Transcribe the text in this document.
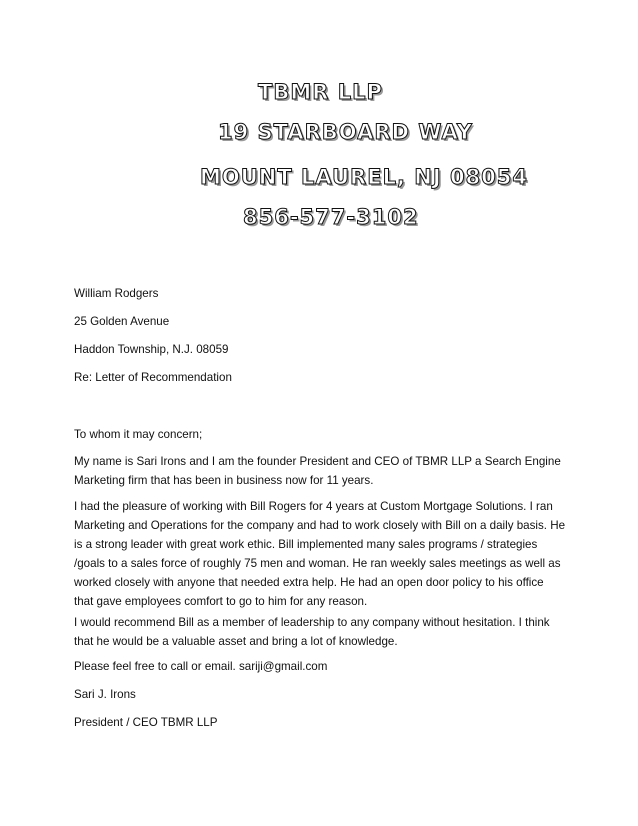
TBMR LLP
19 STARBOARD WAY
MOUNT LAUREL, NJ 08054
856-577-3102
William Rodgers
25 Golden Avenue
Haddon Township, N.J. 08059
Re: Letter of Recommendation
To whom it may concern;
My name is Sari Irons and I am the founder President and CEO of TBMR LLP a Search Engine
Marketing firm that has been in business now for 11 years.
I had the pleasure of working with Bill Rogers for 4 years at Custom Mortgage Solutions. I ran
Marketing and Operations for the company and had to work closely with Bill on a daily basis. He
is a strong leader with great work ethic. Bill implemented many sales programs / strategies
/goals to a sales force of roughly 75 men and woman. He ran weekly sales meetings as well as
worked closely with anyone that needed extra help. He had an open door policy to his office
that gave employees comfort to go to him for any reason.
I would recommend Bill as a member of leadership to any company without hesitation. I think
that he would be a valuable asset and bring a lot of knowledge.
Please feel free to call or email. sariji@gmail.com
Sari J. Irons
President / CEO TBMR LLP
